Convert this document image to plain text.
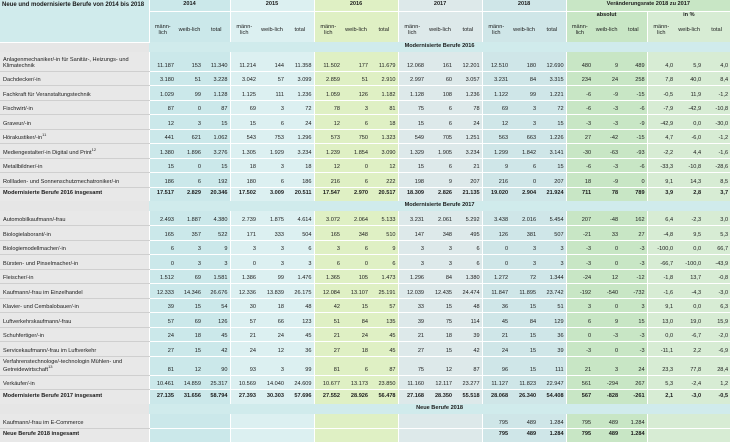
Neue und modernisierte Berufe von 2014 bis 2018	2014			2015			2016			2017			2018			Veränderungsrate 2018 zu 2017					
																absolut			in %		
	männ-lich	weib-lich	total	männ-lich	weib-lich	total	männ-lich	weib-lich	total	männ-lich	weib-lich	total	männ-lich	weib-lich	total	männ-lich	weib-lich	total	männ-lich	weib-lich	total
	Modernisierte Berufe 2016																				
Anlagenmechaniker/-in für Sanitär-, Heizungs- und Klimatechnik	11.187	153	11.340	11.214	144	11.358	11.502	177	11.679	12.068	161	12.201	12.510	180	12.690	480	9	489	4,0	5,9	4,0
Dachdecker/-in	3.180	51	3.228	3.042	57	3.099	2.859	51	2.910	2.997	60	3.057	3.231	84	3.315	234	24	258	7,8	40,0	8,4
Fachkraft für Veranstaltungstechnik	1.029	99	1.128	1.125	111	1.236	1.059	126	1.182	1.128	108	1.236	1.122	99	1.221	-6	-9	-15	-0,5	11,9	-1,2
Fischwirt/-in	87	0	87	69	3	72	78	3	81	75	6	78	69	3	72	-6	-3	-6	-7,9	-42,9	-10,8
Graveur/-in	12	3	15	15	6	24	12	6	18	15	6	24	12	3	15	-3	-3	-9	-42,9	0,0	-30,0
Hörakustiker/-in$^{11}$	441	621	1.062	543	753	1.296	573	750	1.323	549	705	1.251	563	663	1.226	27	-42	-15	4,7	-6,0	-1,2
Mediengestalter/-in Digital und Print$^{12}$	1.380	1.896	3.276	1.305	1.929	3.234	1.239	1.854	3.090	1.329	1.905	3.234	1.299	1.842	3.141	-30	-63	-93	-2,2	4,4	-1,6
Metallbildner/-in	15	0	15	18	3	18	12	0	12	15	6	21	9	6	15	-6	-3	-6	-33,3	-10,8	-28,6
Rollladen- und Sonnenschutzmechatroniker/-in	186	6	192	180	6	186	216	6	222	198	9	207	216	0	207	18	-9	0	9,1	14,3	8,5
Modernisierte Berufe 2016 insgesamt	17.517	2.829	20.346	17.502	3.009	20.511	17.547	2.970	20.517	18.309	2.826	21.135	19.020	2.904	21.924	711	78	789	3,9	2,8	3,7
	Modernisierte Berufe 2017																				
Automobilkaufmann/-frau	2.493	1.887	4.380	2.739	1.875	4.614	3.072	2.064	5.133	3.231	2.061	5.292	3.438	2.016	5.454	207	-48	162	6,4	-2,3	3,0
Biologielaborant/-in	165	357	522	171	333	504	165	348	510	147	348	495	126	381	507	-21	33	27	-4,8	9,5	5,3
Biologiemodellmacher/-in	6	3	9	3	3	6	3	6	9	3	3	6	0	3	3	-3	0	-3	-100,0	0,0	66,7
Bürsten- und Pinselmacher/-in	0	3	3	0	3	3	6	0	6	3	3	6	0	3	3	-3	0	-3	-66,7	-100,0	-43,9
Fleischer/-in	1.512	69	1.581	1.386	99	1.476	1.365	105	1.473	1.296	84	1.380	1.272	72	1.344	-24	12	-12	-1,8	13,7	-0,8
Kaufmann/-frau im Einzelhandel	12.333	14.346	26.676	12.336	13.839	26.175	12.084	13.107	25.191	12.039	12.435	24.474	11.847	11.895	23.742	-192	-540	-732	-1,6	-4,3	-3,0
Klavier- und Cembalobauer/-in	39	15	54	30	18	48	42	15	57	33	15	48	36	15	51	3	0	3	9,1	0,0	6,3
Luftverkehrskaufmann/-frau	57	69	126	57	66	123	51	84	135	39	75	114	45	84	129	6	9	15	13,0	19,0	15,9
Schuhfertiger/-in	24	18	45	21	24	45	21	24	45	21	18	39	21	15	36	0	-3	-3	0,0	-6,7	-2,0
Servicekaufmann/-frau im Luftverkehr	27	15	42	24	12	36	27	18	45	27	15	42	24	15	39	-3	0	-3	-11,1	2,2	-6,9
Verfahrenstechnologe/-technologin Mühlen- und Getreidewirtschaft$^{13}$	81	12	90	93	3	99	81	6	87	75	12	87	96	15	111	21	3	24	23,3	77,8	28,4
Verkäufer/-in	10.461	14.859	25.317	10.569	14.040	24.609	10.677	13.173	23.850	11.160	12.117	23.277	11.127	11.823	22.947	561	-294	267	5,3	-2,4	1,2
Modernisierte Berufe 2017 insgesamt	27.135	31.656	58.794	27.393	30.303	57.696	27.552	28.926	56.478	27.168	28.350	55.518	28.068	26.340	54.408	567	-828	-261	2,1	-3,0	-0,5
	Neue Berufe 2018																				
Kaufmann/-frau im E-Commerce													795	489	1.284	795	489	1.284			
Neue Berufe 2018 insgesamt													795	489	1.284	795	489	1.284			
